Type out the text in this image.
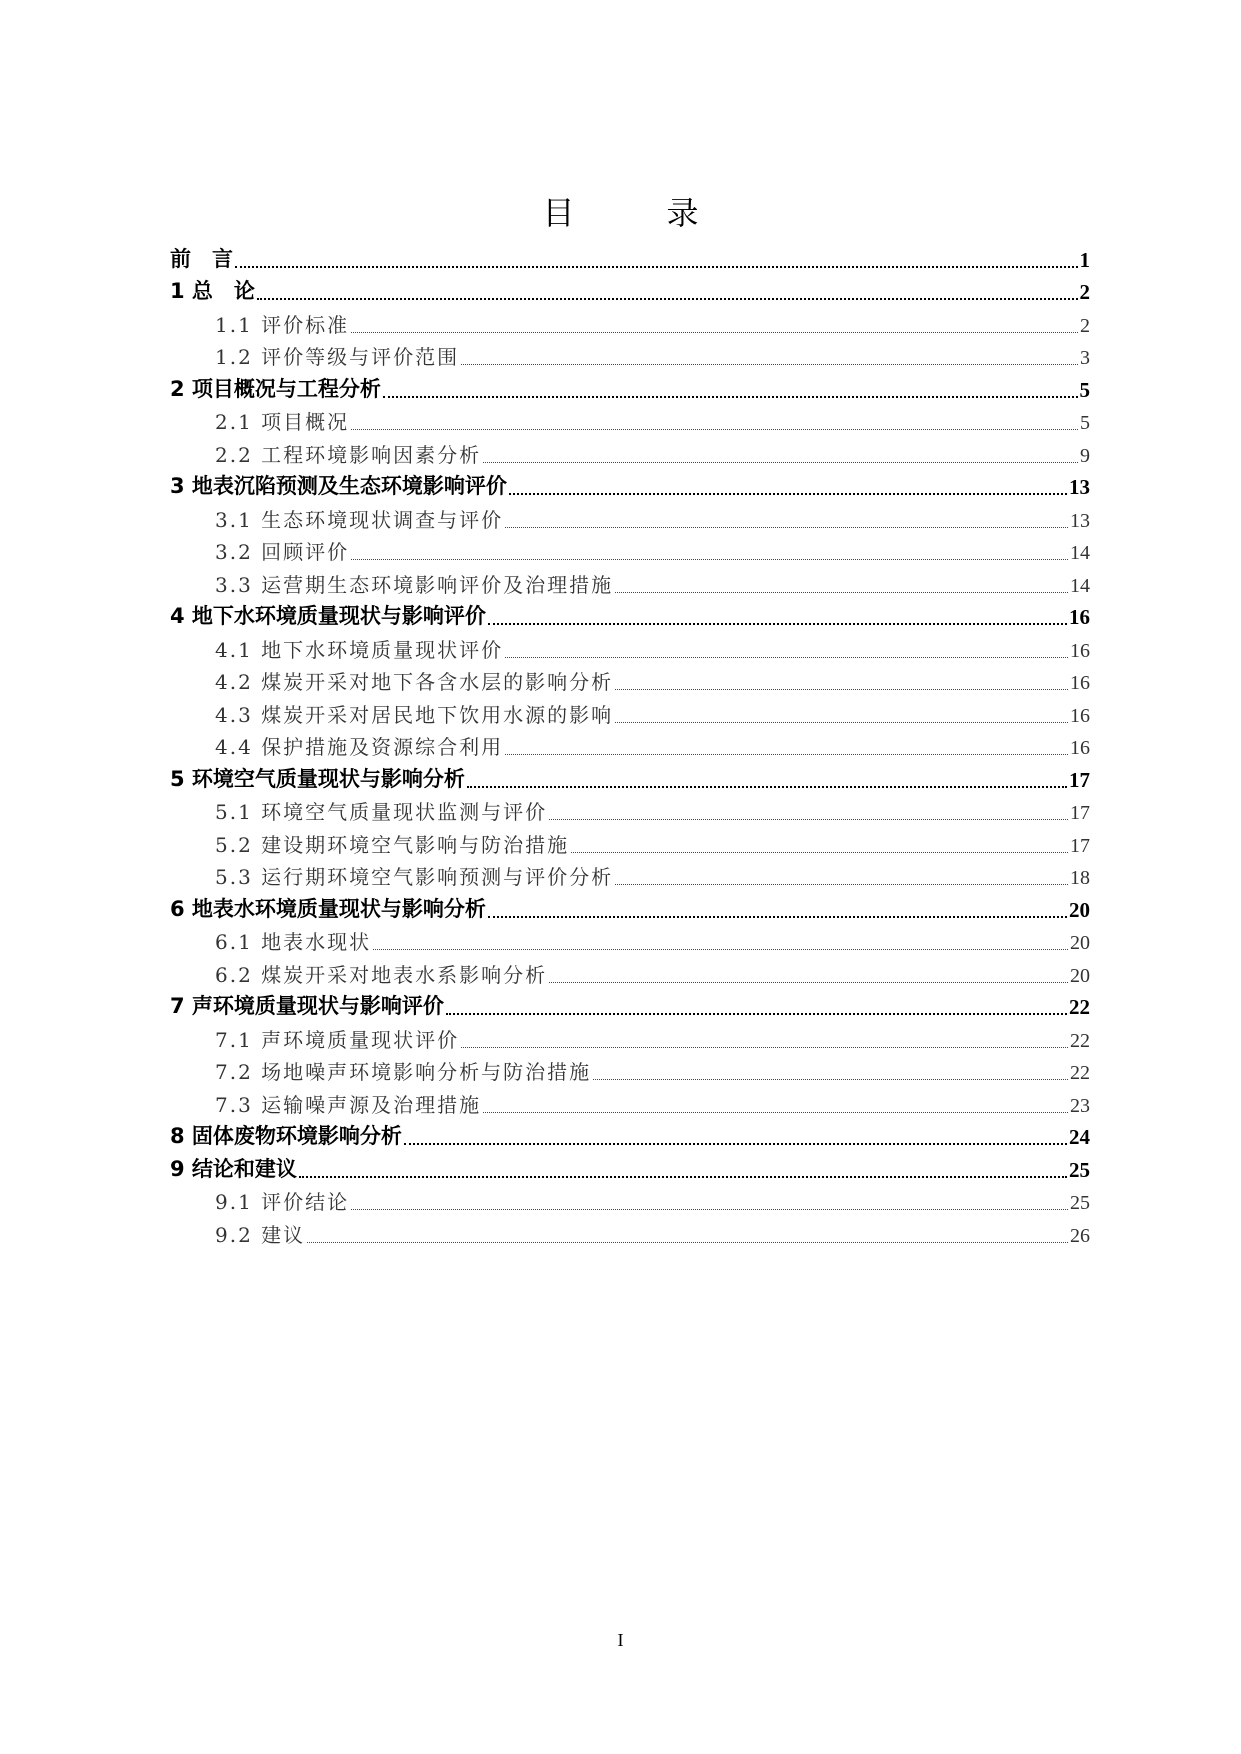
目　录
前　言	1
1 总　论	2
1.1 评价标准	2
1.2 评价等级与评价范围	3
2 项目概况与工程分析	5
2.1 项目概况	5
2.2 工程环境影响因素分析	9
3 地表沉陷预测及生态环境影响评价	13
3.1 生态环境现状调查与评价	13
3.2 回顾评价	14
3.3 运营期生态环境影响评价及治理措施	14
4 地下水环境质量现状与影响评价	16
4.1 地下水环境质量现状评价	16
4.2 煤炭开采对地下各含水层的影响分析	16
4.3 煤炭开采对居民地下饮用水源的影响	16
4.4 保护措施及资源综合利用	16
5 环境空气质量现状与影响分析	17
5.1 环境空气质量现状监测与评价	17
5.2 建设期环境空气影响与防治措施	17
5.3 运行期环境空气影响预测与评价分析	18
6 地表水环境质量现状与影响分析	20
6.1 地表水现状	20
6.2 煤炭开采对地表水系影响分析	20
7 声环境质量现状与影响评价	22
7.1 声环境质量现状评价	22
7.2 场地噪声环境影响分析与防治措施	22
7.3 运输噪声源及治理措施	23
8 固体废物环境影响分析	24
9 结论和建议	25
9.1 评价结论	25
9.2 建议	26
I
